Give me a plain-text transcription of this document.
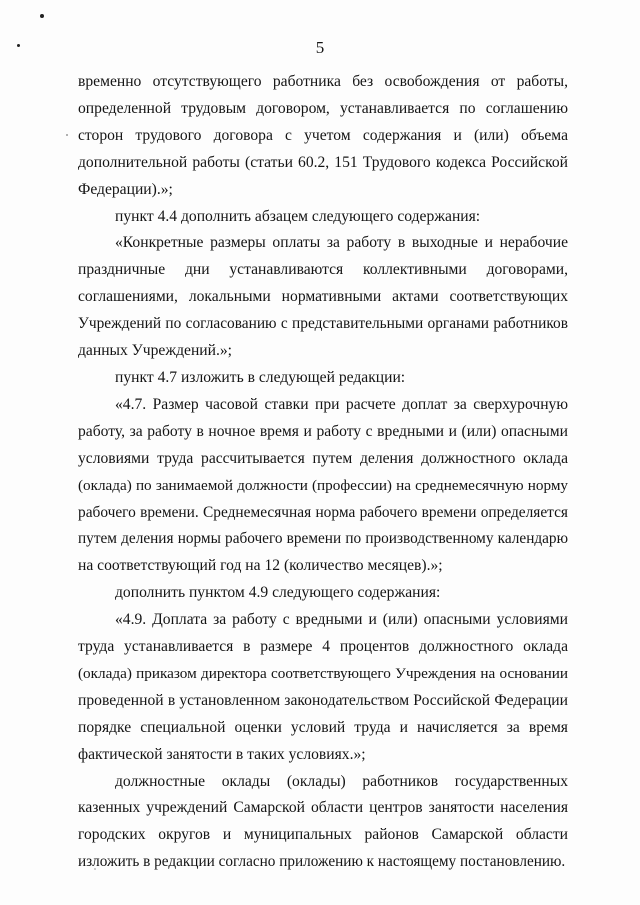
5
временно отсутствующего работника без освобождения от работы,
определенной трудовым договором, устанавливается по соглашению
сторон трудового договора с учетом содержания и (или) объема
дополнительной работы (статьи 60.2, 151 Трудового кодекса Российской
Федерации).»;
пункт 4.4 дополнить абзацем следующего содержания:
«Конкретные размеры оплаты за работу в выходные и нерабочие
праздничные дни устанавливаются коллективными договорами,
соглашениями, локальными нормативными актами соответствующих
Учреждений по согласованию с представительными органами работников
данных Учреждений.»;
пункт 4.7 изложить в следующей редакции:
«4.7. Размер часовой ставки при расчете доплат за сверхурочную
работу, за работу в ночное время и работу с вредными и (или) опасными
условиями труда рассчитывается путем деления должностного оклада
(оклада) по занимаемой должности (профессии) на среднемесячную норму
рабочего времени. Среднемесячная норма рабочего времени определяется
путем деления нормы рабочего времени по производственному календарю
на соответствующий год на 12 (количество месяцев).»;
дополнить пунктом 4.9 следующего содержания:
«4.9. Доплата за работу с вредными и (или) опасными условиями
труда устанавливается в размере 4 процентов должностного оклада
(оклада) приказом директора соответствующего Учреждения на основании
проведенной в установленном законодательством Российской Федерации
порядке специальной оценки условий труда и начисляется за время
фактической занятости в таких условиях.»;
должностные оклады (оклады) работников государственных
казенных учреждений Самарской области центров занятости населения
городских округов и муниципальных районов Самарской области
изложить в редакции согласно приложению к настоящему постановлению.
